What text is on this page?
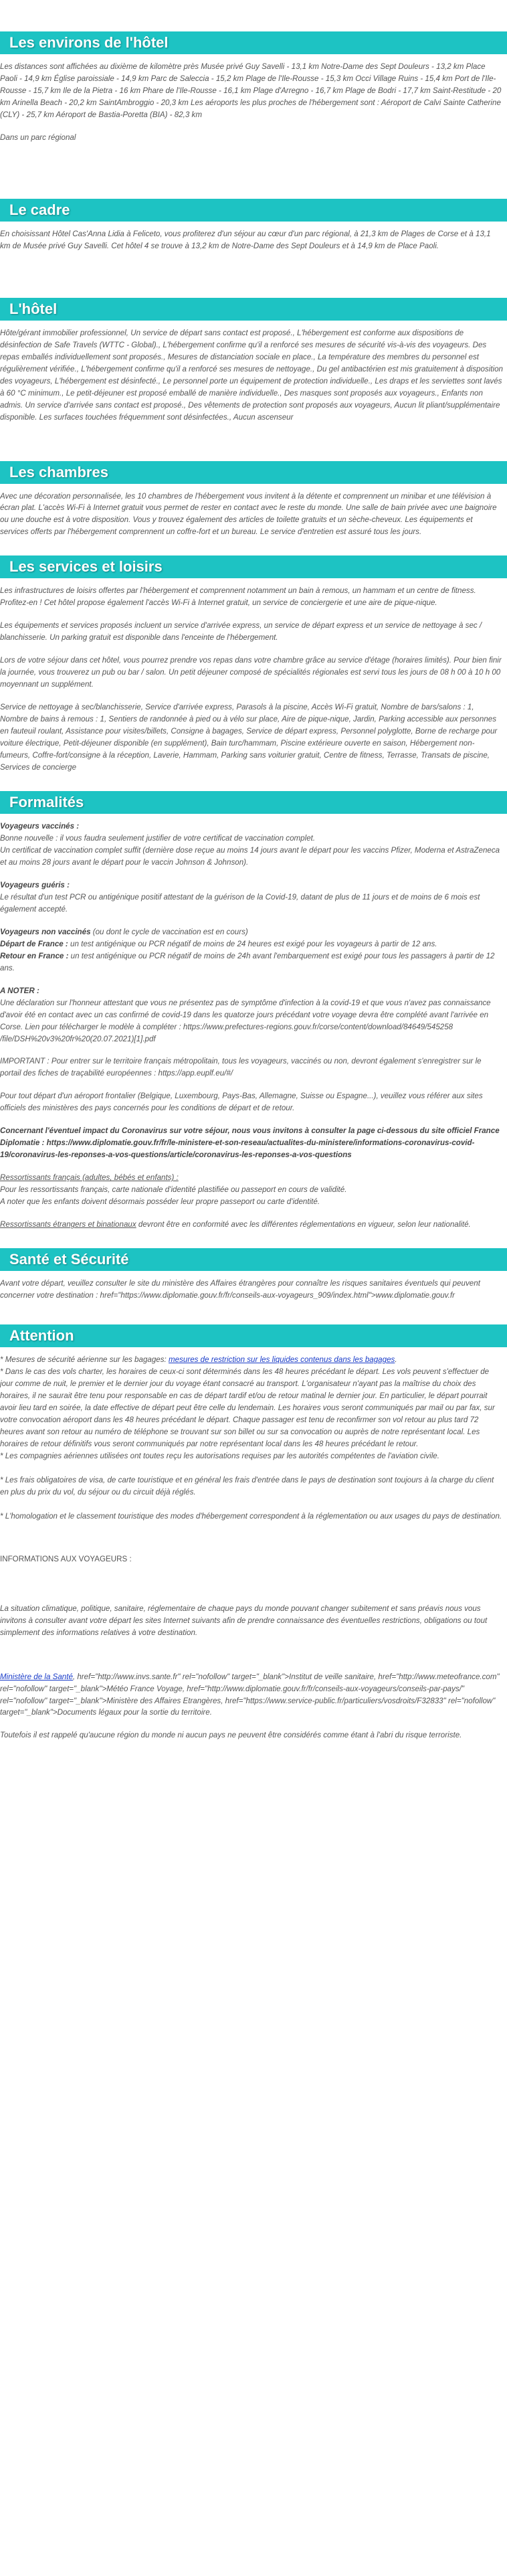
Les environs de l'hôtel

Les distances sont affichées au dixième de kilomètre près Musée privé Guy Savelli - 13,1 km Notre-Dame des Sept Douleurs - 13,2 km Place Paoli - 14,9 km Église paroissiale - 14,9 km Parc de Saleccia - 15,2 km Plage de l'Ile-Rousse - 15,3 km Occi Village Ruins - 15,4 km Port de l'Ile-Rousse - 15,7 km Ile de la Pietra - 16 km Phare de l'Ile-Rousse - 16,1 km Plage d'Arregno - 16,7 km Plage de Bodri - 17,7 km Saint-Restitude - 20 km Arinella Beach - 20,2 km SaintAmbroggio - 20,3 km Les aéroports les plus proches de l'hébergement sont : Aéroport de Calvi Sainte Catherine (CLY) - 25,7 km Aéroport de Bastia-Poretta (BIA) - 82,3 km

Dans un parc régional

Le cadre

En choisissant Hôtel Cas'Anna Lidia à Feliceto, vous profiterez d'un séjour au cœur d'un parc régional, à 21,3 km de Plages de Corse et à 13,1 km de Musée privé Guy Savelli. Cet hôtel 4 se trouve à 13,2 km de Notre-Dame des Sept Douleurs et à 14,9 km de Place Paoli.

L'hôtel

Hôte/gérant immobilier professionnel, Un service de départ sans contact est proposé., L'hébergement est conforme aux dispositions de désinfection de Safe Travels (WTTC - Global)., L'hébergement confirme qu'il a renforcé ses mesures de sécurité vis-à-vis des voyageurs. Des repas emballés individuellement sont proposés., Mesures de distanciation sociale en place., La température des membres du personnel est régulièrement vérifiée., L'hébergement confirme qu'il a renforcé ses mesures de nettoyage., Du gel antibactérien est mis gratuitement à disposition des voyageurs, L'hébergement est désinfecté., Le personnel porte un équipement de protection individuelle., Les draps et les serviettes sont lavés à 60 °C minimum., Le petit-déjeuner est proposé emballé de manière individuelle., Des masques sont proposés aux voyageurs., Enfants non admis. Un service d'arrivée sans contact est proposé., Des vêtements de protection sont proposés aux voyageurs, Aucun lit pliant/supplémentaire disponible. Les surfaces touchées fréquemment sont désinfectées., Aucun ascenseur

Les chambres

Avec une décoration personnalisée, les 10 chambres de l'hébergement vous invitent à la détente et comprennent un minibar et une télévision à écran plat. L'accès Wi-Fi à Internet gratuit vous permet de rester en contact avec le reste du monde. Une salle de bain privée avec une baignoire ou une douche est à votre disposition. Vous y trouvez également des articles de toilette gratuits et un sèche-cheveux. Les équipements et services offerts par l'hébergement comprennent un coffre-fort et un bureau. Le service d'entretien est assuré tous les jours.

Les services et loisirs

Les infrastructures de loisirs offertes par l'hébergement et comprennent notamment un bain à remous, un hammam et un centre de fitness. Profitez-en ! Cet hôtel propose également l'accès Wi-Fi à Internet gratuit, un service de conciergerie et une aire de pique-nique.

Les équipements et services proposés incluent un service d'arrivée express, un service de départ express et un service de nettoyage à sec / blanchisserie. Un parking gratuit est disponible dans l'enceinte de l'hébergement.

Lors de votre séjour dans cet hôtel, vous pourrez prendre vos repas dans votre chambre grâce au service d'étage (horaires limités). Pour bien finir la journée, vous trouverez un pub ou bar / salon. Un petit déjeuner composé de spécialités régionales est servi tous les jours de 08 h 00 à 10 h 00 moyennant un supplément.

Service de nettoyage à sec/blanchisserie, Service d'arrivée express, Parasols à la piscine, Accès Wi-Fi gratuit, Nombre de bars/salons : 1, Nombre de bains à remous : 1, Sentiers de randonnée à pied ou à vélo sur place, Aire de pique-nique, Jardin, Parking accessible aux personnes en fauteuil roulant, Assistance pour visites/billets, Consigne à bagages, Service de départ express, Personnel polyglotte, Borne de recharge pour voiture électrique, Petit-déjeuner disponible (en supplément), Bain turc/hammam, Piscine extérieure ouverte en saison, Hébergement non-fumeurs, Coffre-fort/consigne à la réception, Laverie, Hammam, Parking sans voiturier gratuit, Centre de fitness, Terrasse, Transats de piscine, Services de concierge

Formalités

Voyageurs vaccinés :
Bonne nouvelle : il vous faudra seulement justifier de votre certificat de vaccination complet.
Un certificat de vaccination complet suffit (dernière dose reçue au moins 14 jours avant le départ pour les vaccins Pfizer, Moderna et AstraZeneca et au moins 28 jours avant le départ pour le vaccin Johnson & Johnson).

Voyageurs guéris :
Le résultat d'un test PCR ou antigénique positif attestant de la guérison de la Covid-19, datant de plus de 11 jours et de moins de 6 mois est également accepté.

Voyageurs non vaccinés (ou dont le cycle de vaccination est en cours)
Départ de France : un test antigénique ou PCR négatif de moins de 24 heures est exigé pour les voyageurs à partir de 12 ans.
Retour en France : un test antigénique ou PCR négatif de moins de 24h avant l'embarquement est exigé pour tous les passagers à partir de 12 ans.

A NOTER :
Une déclaration sur l'honneur attestant que vous ne présentez pas de symptôme d'infection à la covid-19 et que vous n'avez pas connaissance d'avoir été en contact avec un cas confirmé de covid-19 dans les quatorze jours précédant votre voyage devra être complété avant l'arrivée en Corse. Lien pour télécharger le modèle à compléter : https://www.prefectures-regions.gouv.fr/corse/content/download/84649/545258 /file/DSH%20v3%20fr%20(20.07.2021)[1].pdf

IMPORTANT : Pour entrer sur le territoire français métropolitain, tous les voyageurs, vaccinés ou non, devront également s'enregistrer sur le portail des fiches de traçabilité européennes : https://app.euplf.eu/#/

Pour tout départ d'un aéroport frontalier (Belgique, Luxembourg, Pays-Bas, Allemagne, Suisse ou Espagne...), veuillez vous référer aux sites officiels des ministères des pays concernés pour les conditions de départ et de retour.

Concernant l'éventuel impact du Coronavirus sur votre séjour, nous vous invitons à consulter la page ci-dessous du site officiel France Diplomatie : https://www.diplomatie.gouv.fr/fr/le-ministere-et-son-reseau/actualites-du-ministere/informations-coronavirus-covid-19/coronavirus-les-reponses-a-vos-questions/article/coronavirus-les-reponses-a-vos-questions

Ressortissants français (adultes, bébés et enfants) :
Pour les ressortissants français, carte nationale d'identité plastifiée ou passeport en cours de validité.
A noter que les enfants doivent désormais posséder leur propre passeport ou carte d'identité.

Ressortissants étrangers et binationaux devront être en conformité avec les différentes réglementations en vigueur, selon leur nationalité.

Santé et Sécurité

Avant votre départ, veuillez consulter le site du ministère des Affaires étrangères pour connaître les risques sanitaires éventuels qui peuvent concerner votre destination : href="https://www.diplomatie.gouv.fr/fr/conseils-aux-voyageurs_909/index.html">www.diplomatie.gouv.fr

Attention

* Mesures de sécurité aérienne sur les bagages: mesures de restriction sur les liquides contenus dans les bagages.

* Dans le cas des vols charter, les horaires de ceux-ci sont déterminés dans les 48 heures précédant le départ. Les vols peuvent s'effectuer de jour comme de nuit, le premier et le dernier jour du voyage étant consacré au transport. L'organisateur n'ayant pas la maîtrise du choix des horaires, il ne saurait être tenu pour responsable en cas de départ tardif et/ou de retour matinal le dernier jour. En particulier, le départ pourrait avoir lieu tard en soirée, la date effective de départ peut être celle du lendemain. Les horaires vous seront communiqués par mail ou par fax, sur votre convocation aéroport dans les 48 heures précédant le départ. Chaque passager est tenu de reconfirmer son vol retour au plus tard 72 heures avant son retour au numéro de téléphone se trouvant sur son billet ou sur sa convocation ou auprès de notre représentant local. Les horaires de retour définitifs vous seront communiqués par notre représentant local dans les 48 heures précédant le retour.

* Les compagnies aériennes utilisées ont toutes reçu les autorisations requises par les autorités compétentes de l'aviation civile.

* Les frais obligatoires de visa, de carte touristique et en général les frais d'entrée dans le pays de destination sont toujours à la charge du client en plus du prix du vol, du séjour ou du circuit déjà réglés.

* L'homologation et le classement touristique des modes d'hébergement correspondent à la réglementation ou aux usages du pays de destination.

INFORMATIONS AUX VOYAGEURS :

La situation climatique, politique, sanitaire, réglementaire de chaque pays du monde pouvant changer subitement et sans préavis nous vous invitons à consulter avant votre départ les sites Internet suivants afin de prendre connaissance des éventuelles restrictions, obligations ou tout simplement des informations relatives à votre destination.

Ministère de la Santé, href="http://www.invs.sante.fr" rel="nofollow" target="_blank">Institut de veille sanitaire, href="http://www.meteofrance.com" rel="nofollow" target="_blank">Météo France Voyage, href="http://www.diplomatie.gouv.fr/fr/conseils-aux-voyageurs/conseils-par-pays/" rel="nofollow" target="_blank">Ministère des Affaires Etrangères, href="https://www.service-public.fr/particuliers/vosdroits/F32833" rel="nofollow" target="_blank">Documents légaux pour la sortie du territoire.

Toutefois il est rappelé qu'aucune région du monde ni aucun pays ne peuvent être considérés comme étant à l'abri du risque terroriste.
